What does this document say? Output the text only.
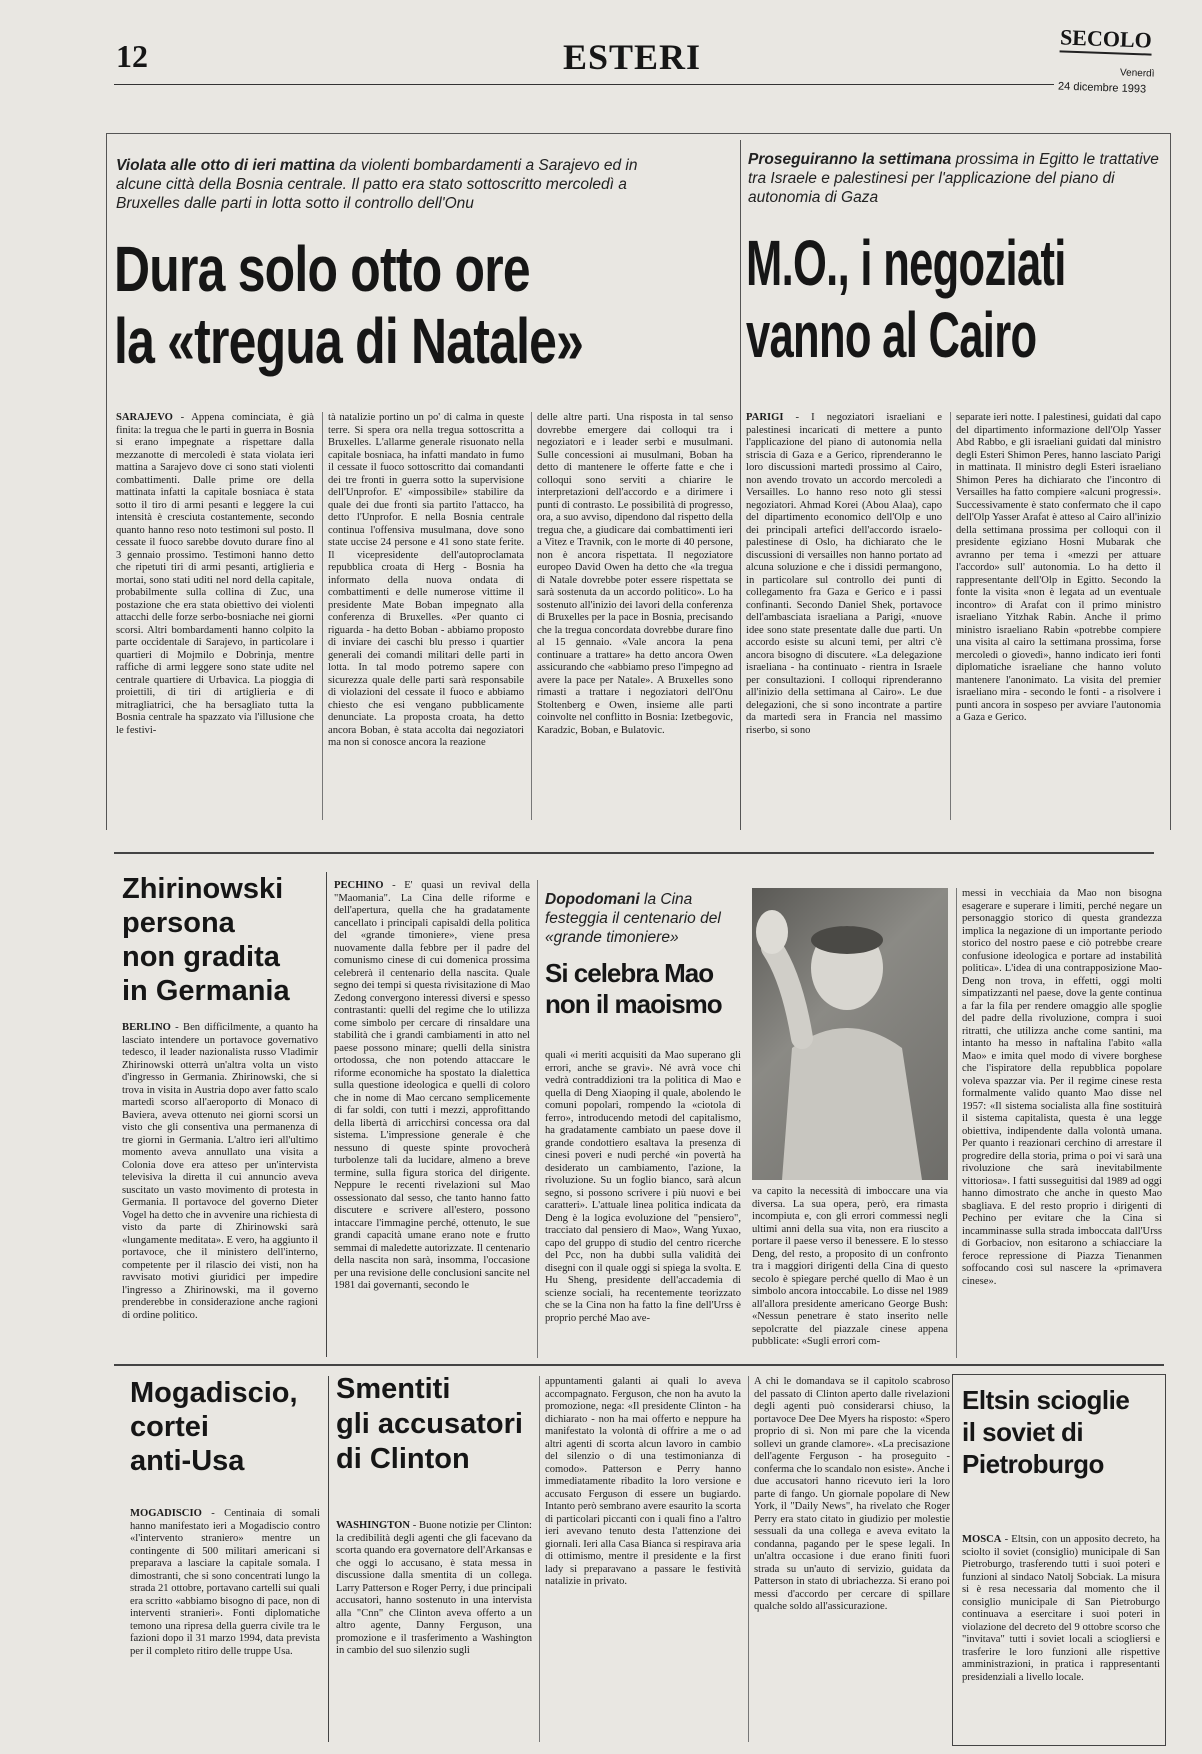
12	ESTERI	SECOLO
Venerdì
24 dicembre 1993
Violata alle otto di ieri mattina da violenti bombardamenti a Sarajevo ed in alcune città della Bosnia centrale. Il patto era stato sottoscritto mercoledì a Bruxelles dalle parti in lotta sotto il controllo dell'Onu
Dura solo otto ore
la «tregua di Natale»
SARAJEVO - Appena cominciata, è già finita: la tregua che le parti in guerra in Bosnia si erano impegnate a rispettare dalla mezzanotte di mercoledì è stata violata ieri mattina a Sarajevo dove ci sono stati violenti combattimenti. Dalle prime ore della mattinata infatti la capitale bosniaca è stata sotto il tiro di armi pesanti e leggere la cui intensità è cresciuta costantemente, secondo quanto hanno reso noto testimoni sul posto. Il cessate il fuoco sarebbe dovuto durare fino al 3 gennaio prossimo. Testimoni hanno detto che ripetuti tiri di armi pesanti, artiglieria e mortai, sono stati uditi nel nord della capitale, probabilmente sulla collina di Zuc, una postazione che era stata obiettivo dei violenti attacchi delle forze serbo-bosniache nei giorni scorsi. Altri bombardamenti hanno colpito la parte occidentale di Sarajevo, in particolare i quartieri di Mojmilo e Dobrinja, mentre raffiche di armi leggere sono state udite nel centrale quartiere di Urbavica. La pioggia di proiettili, di tiri di artiglieria e di mitragliatrici, che ha bersagliato tutta la Bosnia centrale ha spazzato via l'illusione che le festivi-
tà natalizie portino un po' di calma in queste terre. Si spera ora nella tregua sottoscritta a Bruxelles. L'allarme generale risuonato nella capitale bosniaca, ha infatti mandato in fumo il cessate il fuoco sottoscritto dai comandanti dei tre fronti in guerra sotto la supervisione dell'Unprofor. E' «impossibile» stabilire da quale dei due fronti sia partito l'attacco, ha detto l'Unprofor. E nella Bosnia centrale continua l'offensiva musulmana, dove sono state uccise 24 persone e 41 sono state ferite. Il vicepresidente dell'autoproclamata repubblica croata di Herg - Bosnia ha informato della nuova ondata di combattimenti e delle numerose vittime il presidente Mate Boban impegnato alla conferenza di Bruxelles. «Per quanto ci riguarda - ha detto Boban - abbiamo proposto di inviare dei caschi blu presso i quartier generali dei comandi militari delle parti in lotta. In tal modo potremo sapere con sicurezza quale delle parti sarà responsabile di violazioni del cessate il fuoco e abbiamo chiesto che esi vengano pubblicamente denunciate. La proposta croata, ha detto ancora Boban, è stata accolta dai negoziatori ma non si conosce ancora la reazione
delle altre parti. Una risposta in tal senso dovrebbe emergere dai colloqui tra i negoziatori e i leader serbi e musulmani. Sulle concessioni ai musulmani, Boban ha detto di mantenere le offerte fatte e che i colloqui sono serviti a chiarire le interpretazioni dell'accordo e a dirimere i punti di contrasto. Le possibilità di progresso, ora, a suo avviso, dipendono dal rispetto della tregua che, a giudicare dai combattimenti ieri a Vitez e Travnik, con le morte di 40 persone, non è ancora rispettata. Il negoziatore europeo David Owen ha detto che «la tregua di Natale dovrebbe poter essere rispettata se sarà sostenuta da un accordo politico». Lo ha sostenuto all'inizio dei lavori della conferenza di Bruxelles per la pace in Bosnia, precisando che la tregua concordata dovrebbe durare fino al 15 gennaio. «Vale ancora la pena continuare a trattare» ha detto ancora Owen assicurando che «abbiamo preso l'impegno ad avere la pace per Natale». A Bruxelles sono rimasti a trattare i negoziatori dell'Onu Stoltenberg e Owen, insieme alle parti coinvolte nel conflitto in Bosnia: Izetbegovic, Karadzic, Boban, e Bulatovic.
Proseguiranno la settimana prossima in Egitto le trattative tra Israele e palestinesi per l'applicazione del piano di autonomia di Gaza
M.O., i negoziati
vanno al Cairo
PARIGI - I negoziatori israeliani e palestinesi incaricati di mettere a punto l'applicazione del piano di autonomia nella striscia di Gaza e a Gerico, riprenderanno le loro discussioni martedì prossimo al Cairo, non avendo trovato un accordo mercoledì a Versailles. Lo hanno reso noto gli stessi negoziatori. Ahmad Korei (Abou Alaa), capo del dipartimento economico dell'Olp e uno dei principali artefici dell'accordo israelo-palestinese di Oslo, ha dichiarato che le discussioni di versailles non hanno portato ad alcuna soluzione e che i dissidi permangono, in particolare sul controllo dei punti di collegamento fra Gaza e Gerico e i passi confinanti. Secondo Daniel Shek, portavoce dell'ambasciata israeliana a Parigi, «nuove idee sono state presentate dalle due parti. Un accordo esiste su alcuni temi, per altri c'è ancora bisogno di discutere. «La delegazione israeliana - ha continuato - rientra in Israele per consultazioni. I colloqui riprenderanno all'inizio della settimana al Cairo». Le due delegazioni, che si sono incontrate a partire da martedì sera in Francia nel massimo riserbo, si sono
separate ieri notte. I palestinesi, guidati dal capo del dipartimento informazione dell'Olp Yasser Abd Rabbo, e gli israeliani guidati dal ministro degli Esteri Shimon Peres, hanno lasciato Parigi in mattinata. Il ministro degli Esteri israeliano Shimon Peres ha dichiarato che l'incontro di Versailles ha fatto compiere «alcuni progressi». Successivamente è stato confermato che il capo dell'Olp Yasser Arafat è atteso al Cairo all'inizio della settimana prossima per colloqui con il presidente egiziano Hosni Mubarak che avranno per tema i «mezzi per attuare l'accordo» sull' autonomia. Lo ha detto il rappresentante dell'Olp in Egitto. Secondo la fonte la visita «non è legata ad un eventuale incontro» di Arafat con il primo ministro israeliano Yitzhak Rabin. Anche il primo ministro israeliano Rabin «potrebbe compiere una visita al cairo la settimana prossima, forse mercoledì o giovedì», hanno indicato ieri fonti diplomatiche israeliane che hanno voluto mantenere l'anonimato. La visita del premier israeliano mira - secondo le fonti - a risolvere i punti ancora in sospeso per avviare l'autonomia a Gaza e Gerico.
Zhirinowski
persona
non gradita
in Germania
BERLINO - Ben difficilmente, a quanto ha lasciato intendere un portavoce governativo tedesco, il leader nazionalista russo Vladimir Zhirinowski otterrà un'altra volta un visto d'ingresso in Germania. Zhirinowski, che si trova in visita in Austria dopo aver fatto scalo martedì scorso all'aeroporto di Monaco di Baviera, aveva ottenuto nei giorni scorsi un visto che gli consentiva una permanenza di tre giorni in Germania. L'altro ieri all'ultimo momento aveva annullato una visita a Colonia dove era atteso per un'intervista televisiva la diretta il cui annuncio aveva suscitato un vasto movimento di protesta in Germania. Il portavoce del governo Dieter Vogel ha detto che in avvenire una richiesta di visto da parte di Zhirinowski sarà «lungamente meditata». E vero, ha aggiunto il portavoce, che il ministero dell'interno, competente per il rilascio dei visti, non ha ravvisato motivi giuridici per impedire l'ingresso a Zhirinowski, ma il governo prenderebbe in considerazione anche ragioni di ordine politico.
PECHINO - E' quasi un revival della "Maomania". La Cina delle riforme e dell'apertura, quella che ha gradatamente cancellato i principali capisaldi della politica del «grande timoniere», viene presa nuovamente dalla febbre per il padre del comunismo cinese di cui domenica prossima celebrerà il centenario della nascita. Quale segno dei tempi si questa rivisitazione di Mao Zedong convergono interessi diversi e spesso contrastanti: quelli del regime che lo utilizza come simbolo per cercare di rinsaldare una stabilità che i grandi cambiamenti in atto nel paese possono minare; quelli della sinistra ortodossa, che non potendo attaccare le riforme economiche ha spostato la dialettica sulla questione ideologica e quelli di coloro che in nome di Mao cercano semplicemente di far soldi, con tutti i mezzi, approfittando della libertà di arricchirsi concessa ora dal sistema. L'impressione generale è che nessuno di queste spinte provocherà turbolenze tali da lucidare, almeno a breve termine, sulla figura storica del dirigente. Neppure le recenti rivelazioni sul Mao ossessionato dal sesso, che tanto hanno fatto discutere e scrivere all'estero, possono intaccare l'immagine perché, ottenuto, le sue grandi capacità umane erano note e frutto semmai di maledette autorizzate. Il centenario della nascita non sarà, insomma, l'occasione per una revisione delle conclusioni sancite nel 1981 dai governanti, secondo le
Dopodomani la Cina festeggia il centenario del «grande timoniere»
Si celebra Mao
non il maoismo
quali «i meriti acquisiti da Mao superano gli errori, anche se gravi». Né avrà voce chi vedrà contraddizioni tra la politica di Mao e quella di Deng Xiaoping il quale, abolendo le comuni popolari, rompendo la «ciotola di ferro», introducendo metodi del capitalismo, ha gradatamente cambiato un paese dove il grande condottiero esaltava la presenza di cinesi poveri e nudi perché «in povertà ha desiderato un cambiamento, l'azione, la rivoluzione. Su un foglio bianco, sarà alcun segno, si possono scrivere i più nuovi e bei caratteri». L'attuale linea politica indicata da Deng è la logica evoluzione del "pensiero", tracciato dal pensiero di Mao», Wang Yuxao, capo del gruppo di studio del centro ricerche del Pcc, non ha dubbi sulla validità dei disegni con il quale oggi si spiega la svolta. E Hu Sheng, presidente dell'accademia di scienze sociali, ha recentemente teorizzato che se la Cina non ha fatto la fine dell'Urss è proprio perché Mao ave-
va capito la necessità di imboccare una via diversa. La sua opera, però, era rimasta incompiuta e, con gli errori commessi negli ultimi anni della sua vita, non era riuscito a portare il paese verso il benessere. E lo stesso Deng, del resto, a proposito di un confronto tra i maggiori dirigenti della Cina di questo secolo è spiegare perché quello di Mao è un simbolo ancora intoccabile. Lo disse nel 1989 all'allora presidente americano George Bush: «Nessun penetrare è stato inserito nelle sepolcratte del piazzale cinese appena pubblicate: «Sugli errori com-
messi in vecchiaia da Mao non bisogna esagerare e superare i limiti, perché negare un personaggio storico di questa grandezza implica la negazione di un importante periodo storico del nostro paese e ciò potrebbe creare confusione ideologica e portare ad instabilità politica». L'idea di una contrapposizione Mao-Deng non trova, in effetti, oggi molti simpatizzanti nel paese, dove la gente continua a far la fila per rendere omaggio alle spoglie del padre della rivoluzione, compra i suoi ritratti, che utilizza anche come santini, ma intanto ha messo in naftalina l'abito «alla Mao» e imita quel modo di vivere borghese che l'ispiratore della repubblica popolare voleva spazzar via. Per il regime cinese resta formalmente valido quanto Mao disse nel 1957: «Il sistema socialista alla fine sostituirà il sistema capitalista, questa è una legge obiettiva, indipendente dalla volontà umana. Per quanto i reazionari cerchino di arrestare il progredire della storia, prima o poi vi sarà una rivoluzione che sarà inevitabilmente vittoriosa». I fatti susseguitisi dal 1989 ad oggi hanno dimostrato che anche in questo Mao sbagliava. E del resto proprio i dirigenti di Pechino per evitare che la Cina si incamminasse sulla strada imboccata dall'Urss di Gorbaciov, non esitarono a schiacciare la feroce repressione di Piazza Tienanmen soffocando così sul nascere la «primavera cinese».
Mogadiscio,
cortei
anti-Usa
MOGADISCIO - Centinaia di somali hanno manifestato ieri a Mogadiscio contro «l'intervento straniero» mentre un contingente di 500 militari americani si preparava a lasciare la capitale somala. I dimostranti, che si sono concentrati lungo la strada 21 ottobre, portavano cartelli sui quali era scritto «abbiamo bisogno di pace, non di interventi stranieri». Fonti diplomatiche temono una ripresa della guerra civile tra le fazioni dopo il 31 marzo 1994, data prevista per il completo ritiro delle truppe Usa.
Smentiti
gli accusatori
di Clinton
WASHINGTON - Buone notizie per Clinton: la credibilità degli agenti che gli facevano da scorta quando era governatore dell'Arkansas e che oggi lo accusano, è stata messa in discussione dalla smentita di un collega. Larry Patterson e Roger Perry, i due principali accusatori, hanno sostenuto in una intervista alla "Cnn" che Clinton aveva offerto a un altro agente, Danny Ferguson, una promozione e il trasferimento a Washington in cambio del suo silenzio sugli
appuntamenti galanti ai quali lo aveva accompagnato. Ferguson, che non ha avuto la promozione, nega: «Il presidente Clinton - ha dichiarato - non ha mai offerto e neppure ha manifestato la volontà di offrire a me o ad altri agenti di scorta alcun lavoro in cambio del silenzio o di una testimonianza di comodo». Patterson e Perry hanno immediatamente ribadito la loro versione e accusato Ferguson di essere un bugiardo. Intanto però sembrano avere esaurito la scorta di particolari piccanti con i quali fino a l'altro ieri avevano tenuto desta l'attenzione dei giornali. Ieri alla Casa Bianca si respirava aria di ottimismo, mentre il presidente e la first lady si preparavano a passare le festività natalizie in privato.
A chi le domandava se il capitolo scabroso del passato di Clinton aperto dalle rivelazioni degli agenti può considerarsi chiuso, la portavoce Dee Dee Myers ha risposto: «Spero proprio di sì. Non mi pare che la vicenda sollevi un grande clamore». «La precisazione dell'agente Ferguson - ha proseguito - conferma che lo scandalo non esiste». Anche i due accusatori hanno ricevuto ieri la loro parte di fango. Un giornale popolare di New York, il "Daily News", ha rivelato che Roger Perry era stato citato in giudizio per molestie sessuali da una collega e aveva evitato la condanna, pagando per le spese legali. In un'altra occasione i due erano finiti fuori strada su un'auto di servizio, guidata da Patterson in stato di ubriachezza. Si erano poi messi d'accordo per cercare di spillare qualche soldo all'assicurazione.
Eltsin scioglie
il soviet di
Pietroburgo
MOSCA - Eltsin, con un apposito decreto, ha sciolto il soviet (consiglio) municipale di San Pietroburgo, trasferendo tutti i suoi poteri e funzioni al sindaco Natolj Sobciak. La misura si è resa necessaria dal momento che il consiglio municipale di San Pietroburgo continuava a esercitare i suoi poteri in violazione del decreto del 9 ottobre scorso che "invitava" tutti i soviet locali a sciogliersi e trasferire le loro funzioni alle rispettive amministrazioni, in pratica i rappresentanti presidenziali a livello locale.
